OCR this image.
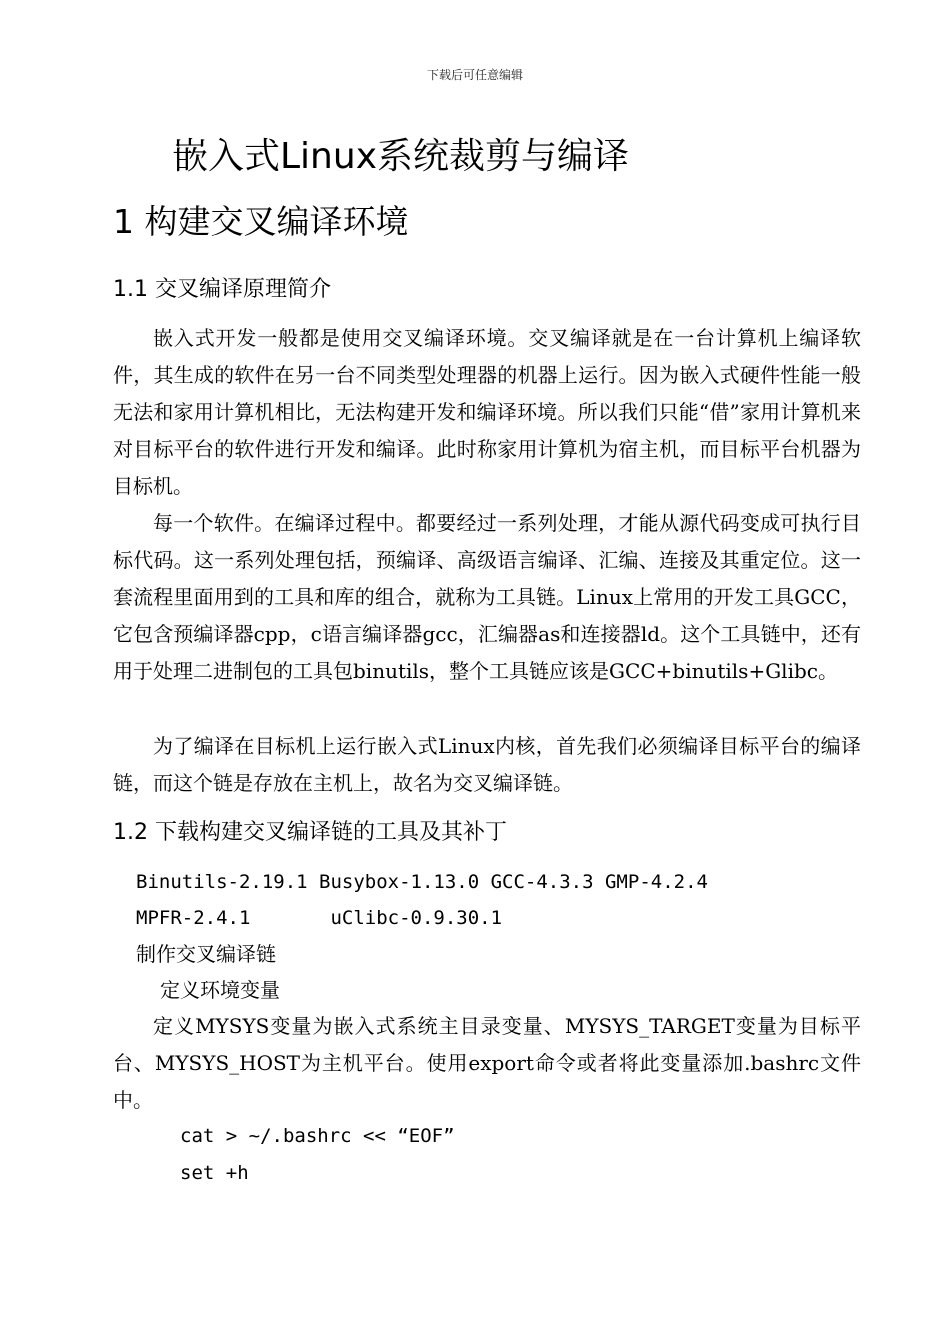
下载后可任意编辑
嵌入式Linux系统裁剪与编译
1 构建交叉编译环境
1.1 交叉编译原理简介
嵌入式开发一般都是使用交叉编译环境。交叉编译就是在一台计算机上编译软件，其生成的软件在另一台不同类型处理器的机器上运行。因为嵌入式硬件性能一般无法和家用计算机相比，无法构建开发和编译环境。所以我们只能“借”家用计算机来对目标平台的软件进行开发和编译。此时称家用计算机为宿主机，而目标平台机器为目标机。
每一个软件。在编译过程中。都要经过一系列处理，才能从源代码变成可执行目标代码。这一系列处理包括，预编译、高级语言编译、汇编、连接及其重定位。这一套流程里面用到的工具和库的组合，就称为工具链。Linux上常用的开发工具GCC，它包含预编译器cpp，c语言编译器gcc，汇编器as和连接器ld。这个工具链中，还有用于处理二进制包的工具包binutils，整个工具链应该是GCC+binutils+Glibc。
为了编译在目标机上运行嵌入式Linux内核，首先我们必须编译目标平台的编译链，而这个链是存放在主机上，故名为交叉编译链。
1.2 下载构建交叉编译链的工具及其补丁
Binutils-2.19.1 Busybox-1.13.0 GCC-4.3.3 GMP-4.2.4
MPFR-2.4.1       uClibc-0.9.30.1
制作交叉编译链
定义环境变量
定义MYSYS变量为嵌入式系统主目录变量、MYSYS_TARGET变量为目标平台、MYSYS_HOST为主机平台。使用export命令或者将此变量添加.bashrc文件中。
cat > ~/.bashrc << “EOF”
set +h
